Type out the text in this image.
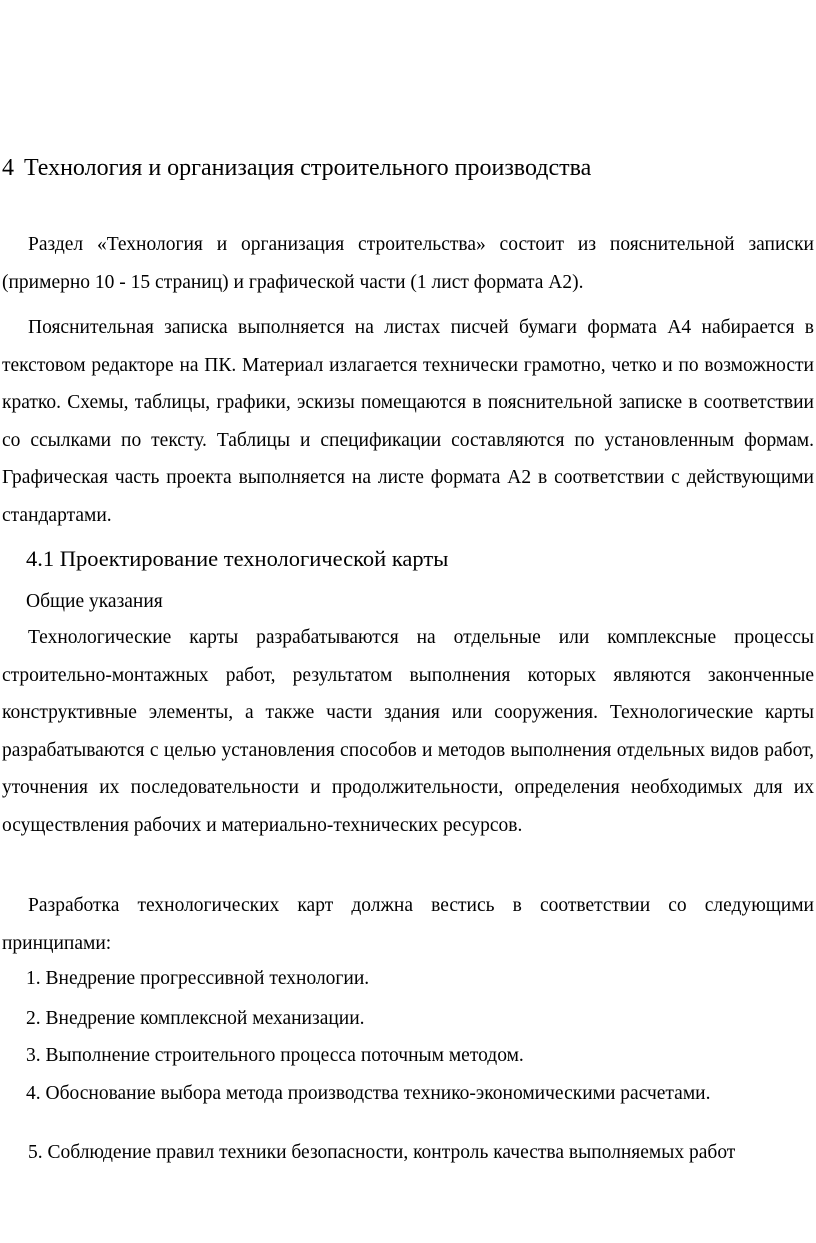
4 Технология и организация строительного производства

Раздел «Технология и организация строительства» состоит из пояснительной записки (примерно 10 - 15 страниц) и графической части (1 лист формата А2).

Пояснительная записка выполняется на листах писчей бумаги формата А4 набирается в текстовом редакторе на ПК. Материал излагается технически грамотно, четко и по возможности кратко. Схемы, таблицы, графики, эскизы помещаются в пояснительной записке в соответствии со ссылками по тексту. Таблицы и спецификации составляются по установленным формам. Графическая часть проекта выполняется на листе формата А2 в соответствии с действующими стандартами.

4.1 Проектирование технологической карты
Общие указания

Технологические карты разрабатываются на отдельные или комплексные процессы строительно-монтажных работ, результатом выполнения которых являются законченные конструктивные элементы, а также части здания или сооружения. Технологические карты разрабатываются с целью установления способов и методов выполнения отдельных видов работ, уточнения их последовательности и продолжительности, определения необходимых для их осуществления рабочих и материально-технических ресурсов.

Разработка технологических карт должна вестись в соответствии со следующими принципами:

1. Внедрение прогрессивной технологии.
2. Внедрение комплексной механизации.
3. Выполнение строительного процесса поточным методом.
4. Обоснование выбора метода производства технико-экономическими расчетами.

5. Соблюдение правил техники безопасности, контроль качества выполняемых работ
